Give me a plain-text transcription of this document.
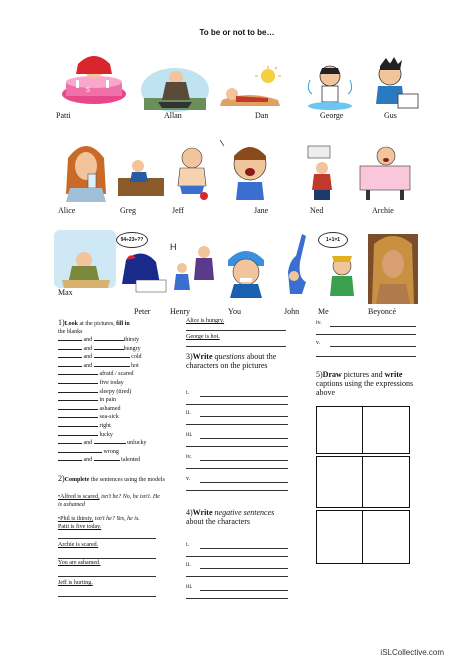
To be or not to be…
5
Patti	Allan	Dan	George	Gus
Alice	Greg	Jeff	Jane	Ned	Archie
94÷23÷??
H
1+1=1
Max
Peter Henry	You	John Me	Beyoncé
1)Look at the pictures, fill in
the blanks
and	thirsty
and	hungry
and	cold
and	hot
afraid / scared
five today
sleepy (tired)
in pain
ashamed
sea-sick
right
lucky
and	unlucky
wrong
and	talented
2)Complete the sentences using the models
•Alfred is scared, isn't he? No, he isn't. He is ashamed
•Phil is thirsty, isn't he? Yes, he is.
Patti is five today.
Archie is scared.
You are ashamed.
Jeff is hurting.
Alice is hungry.
George is hot.
3)Write questions about the characters on the pictures
i.
ii.
iii.
iv.
v.
4)Write negative sentences about the characters
i.
ii.
iii.
iv.
v.
5)Draw pictures and write captions using the expressions above
iSLCollective.com
